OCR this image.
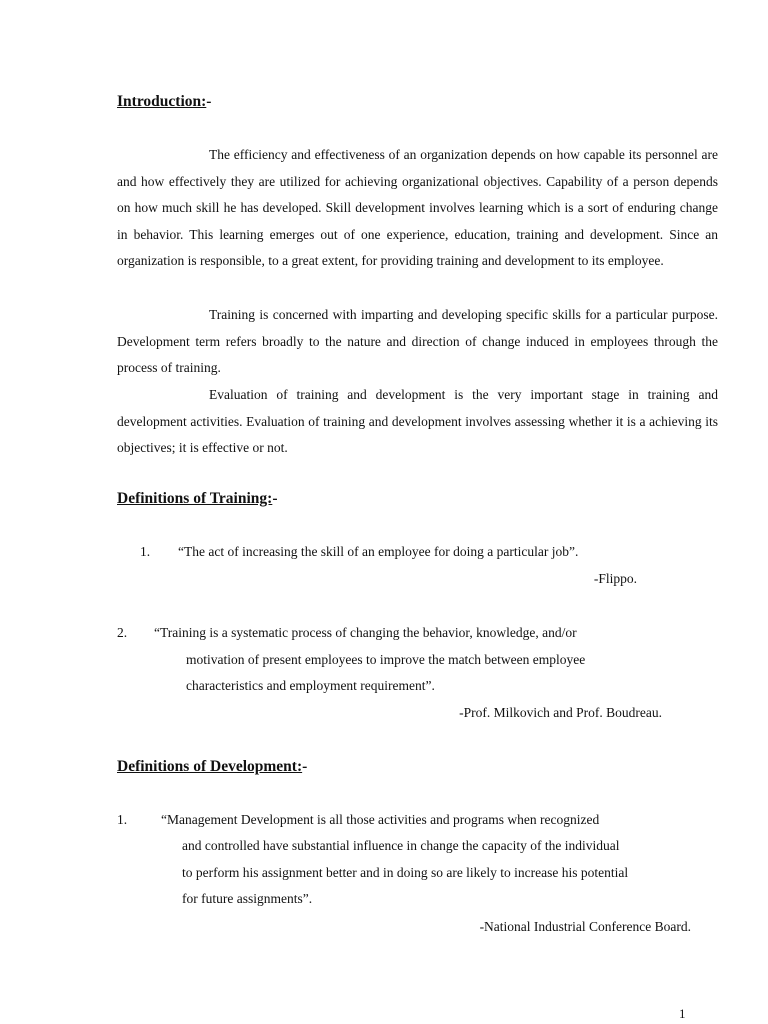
Introduction:-

The efficiency and effectiveness of an organization depends on how capable its personnel are and how effectively they are utilized for achieving organizational objectives. Capability of a person depends on how much skill he has developed. Skill development involves learning which is a sort of enduring change in behavior. This learning emerges out of one experience, education, training and development. Since an organization is responsible, to a great extent, for providing training and development to its employee.

Training is concerned with imparting and developing specific skills for a particular purpose. Development term refers broadly to the nature and direction of change induced in employees through the process of training.

Evaluation of training and development is the very important stage in training and development activities. Evaluation of training and development involves assessing whether it is a achieving its objectives; it is effective or not.

Definitions of Training:-
1. “The act of increasing the skill of an employee for doing a particular job”.
-Flippo.
2. “Training is a systematic process of changing the behavior, knowledge, and/or
motivation of present employees to improve the match between employee
characteristics and employment requirement”.
-Prof. Milkovich and Prof. Boudreau.
Definitions of Development:-
1.	“Management Development is all those activities and programs when recognized
and controlled have substantial influence in change the capacity of the individual
to perform his assignment better and in doing so are likely to increase his potential
for future assignments”.
-National Industrial Conference Board.
1
